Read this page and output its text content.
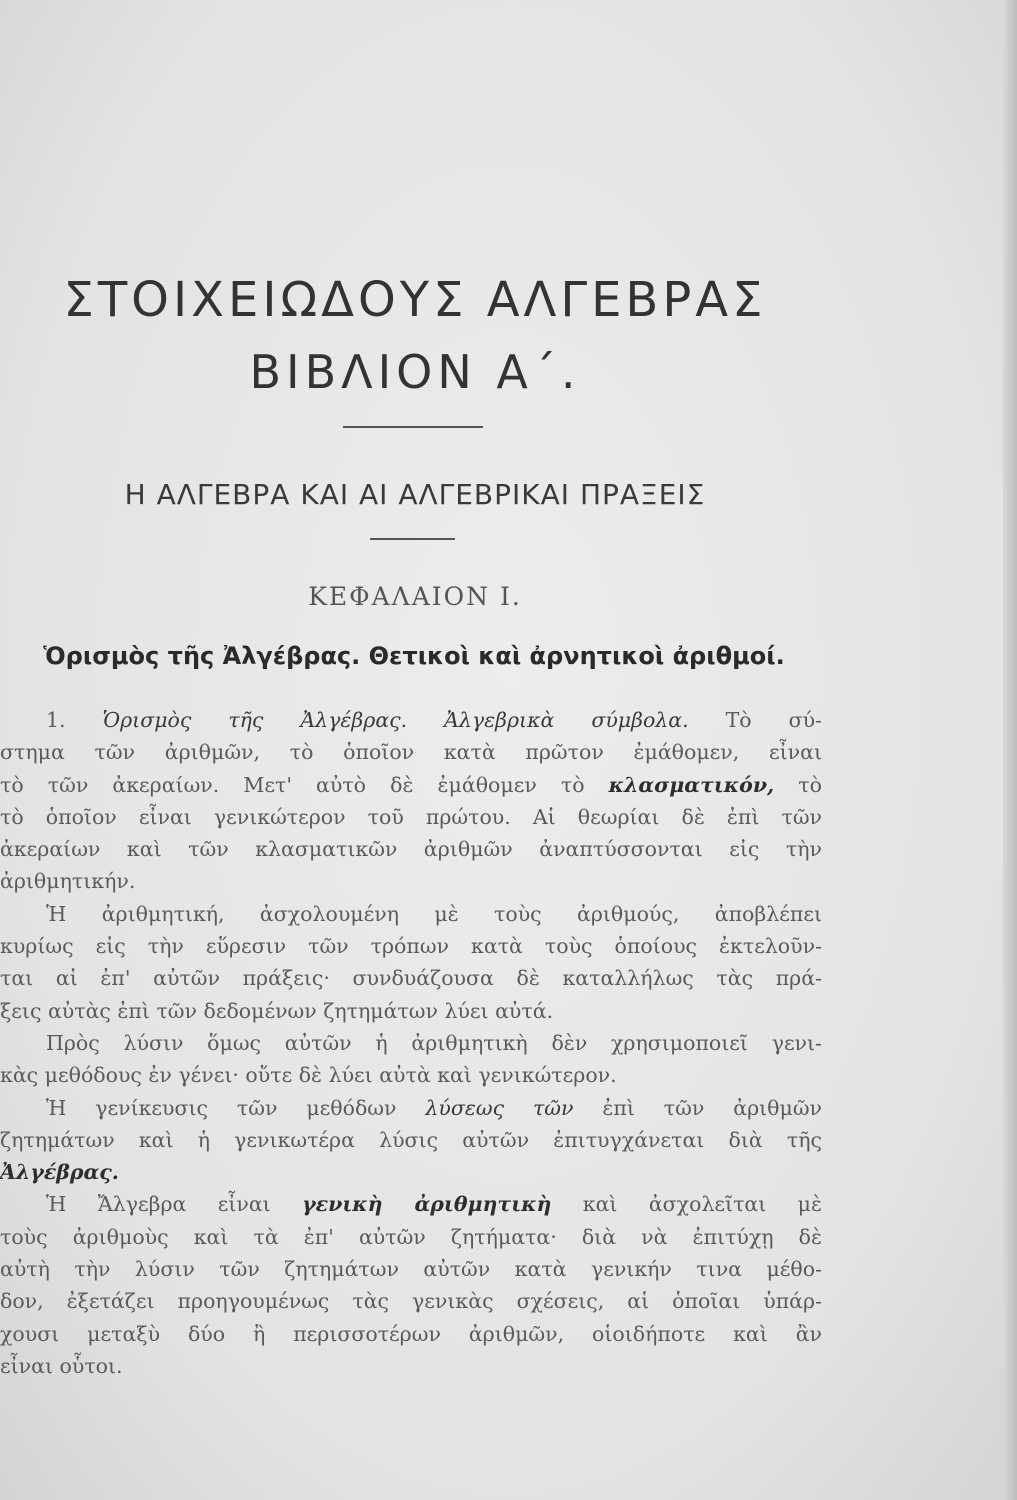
ΣΤΟΙΧΕΙΩΔΟΥΣ ΑΛΓΕΒΡΑΣ
ΒΙΒΛΙΟΝ Α΄.
Η ΑΛΓΕΒΡΑ ΚΑΙ ΑΙ ΑΛΓΕΒΡΙΚΑΙ ΠΡΑΞΕΙΣ
ΚΕΦΑΛΑΙΟΝ Ι.
Ὁρισμὸς τῆς Ἀλγέβρας. Θετικοὶ καὶ ἀρνητικοὶ ἀριθμοί.
1. Ὁρισμὸς τῆς Ἀλγέβρας. Ἀλγεβρικὰ σύμβολα. Τὸ σύ-
στημα τῶν ἀριθμῶν, τὸ ὁποῖον κατὰ πρῶτον ἐμάθομεν, εἶναι
τὸ τῶν ἀκεραίων. Μετ' αὐτὸ δὲ ἐμάθομεν τὸ κλασματικόν, τὸ
τὸ ὁποῖον εἶναι γενικώτερον τοῦ πρώτου. Αἱ θεωρίαι δὲ ἐπὶ τῶν
ἀκεραίων καὶ τῶν κλασματικῶν ἀριθμῶν ἀναπτύσσονται εἰς τὴν
ἀριθμητικήν.
Ἡ ἀριθμητική, ἀσχολουμένη μὲ τοὺς ἀριθμούς, ἀποβλέπει
κυρίως εἰς τὴν εὕρεσιν τῶν τρόπων κατὰ τοὺς ὁποίους ἐκτελοῦν-
ται αἱ ἐπ' αὐτῶν πράξεις· συνδυάζουσα δὲ καταλλήλως τὰς πρά-
ξεις αὐτὰς ἐπὶ τῶν δεδομένων ζητημάτων λύει αὐτά.
Πρὸς λύσιν ὅμως αὐτῶν ἡ ἀριθμητικὴ δὲν χρησιμοποιεῖ γενι-
κὰς μεθόδους ἐν γένει· οὔτε δὲ λύει αὐτὰ καὶ γενικώτερον.
Ἡ γενίκευσις τῶν μεθόδων λύσεως τῶν ἐπὶ τῶν ἀριθμῶν
ζητημάτων καὶ ἡ γενικωτέρα λύσις αὐτῶν ἐπιτυγχάνεται διὰ τῆς
Ἀλγέβρας.
Ἡ Ἄλγεβρα εἶναι γενικὴ ἀριθμητικὴ καὶ ἀσχολεῖται μὲ
τοὺς ἀριθμοὺς καὶ τὰ ἐπ' αὐτῶν ζητήματα· διὰ νὰ ἐπιτύχῃ δὲ
αὐτὴ τὴν λύσιν τῶν ζητημάτων αὐτῶν κατὰ γενικήν τινα μέθο-
δον, ἐξετάζει προηγουμένως τὰς γενικὰς σχέσεις, αἱ ὁποῖαι ὑπάρ-
χουσι μεταξὺ δύο ἢ περισσοτέρων ἀριθμῶν, οἱοιδήποτε καὶ ἂν
εἶναι οὗτοι.
